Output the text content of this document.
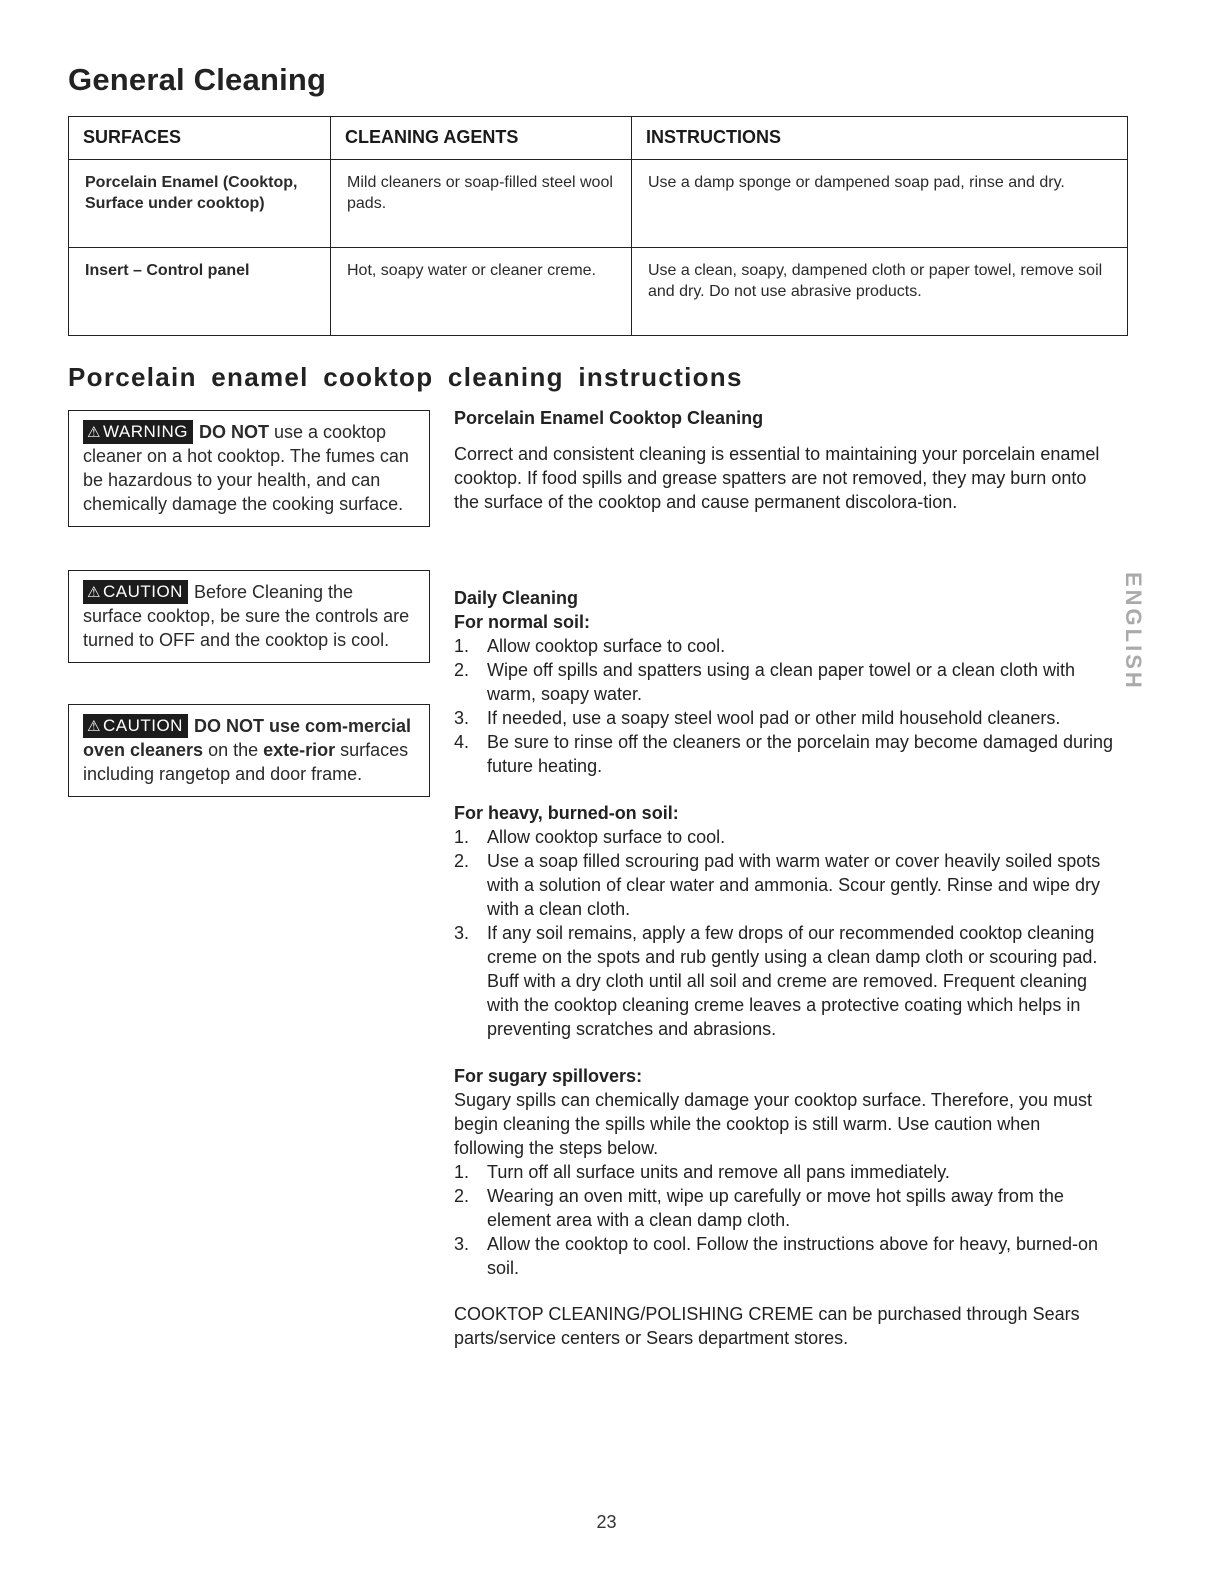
General Cleaning
SURFACES	CLEANING AGENTS	INSTRUCTIONS
Porcelain Enamel (Cooktop, Surface under cooktop)	Mild cleaners or soap-filled steel wool pads.	Use a damp sponge or dampened soap pad, rinse and dry.
Insert – Control panel	Hot, soapy water or cleaner creme.	Use a clean, soapy, dampened cloth or paper towel, remove soil and dry. Do not use abrasive products.
Porcelain enamel cooktop cleaning instructions
⚠ WARNING DO NOT use a cooktop cleaner on a hot cooktop. The fumes can be hazardous to your health, and can chemically damage the cooking surface.
⚠ CAUTION Before Cleaning the surface cooktop, be sure the controls are turned to OFF and the cooktop is cool.
⚠ CAUTION DO NOT use com-mercial oven cleaners on the exte-rior surfaces including rangetop and door frame.

Porcelain Enamel Cooktop Cleaning

Correct and consistent cleaning is essential to maintaining your porcelain enamel cooktop. If food spills and grease spatters are not removed, they may burn onto the surface of the cooktop and cause permanent discolora-tion.

Daily Cleaning

For normal soil:

1. Allow cooktop surface to cool.
2. Wipe off spills and spatters using a clean paper towel or a clean cloth with warm, soapy water.
3. If needed, use a soapy steel wool pad or other mild household cleaners.
4. Be sure to rinse off the cleaners or the porcelain may become damaged during future heating.

For heavy, burned-on soil:

1. Allow cooktop surface to cool.
2. Use a soap filled scrouring pad with warm water or cover heavily soiled spots with a solution of clear water and ammonia. Scour gently. Rinse and wipe dry with a clean cloth.
3. If any soil remains, apply a few drops of our recommended cooktop cleaning creme on the spots and rub gently using a clean damp cloth or scouring pad. Buff with a dry cloth until all soil and creme are removed. Frequent cleaning with the cooktop cleaning creme leaves a protective coating which helps in preventing scratches and abrasions.

For sugary spillovers:

Sugary spills can chemically damage your cooktop surface. Therefore, you must begin cleaning the spills while the cooktop is still warm. Use caution when following the steps below.

1. Turn off all surface units and remove all pans immediately.
2. Wearing an oven mitt, wipe up carefully or move hot spills away from the element area with a clean damp cloth.
3. Allow the cooktop to cool. Follow the instructions above for heavy, burned-on soil.

COOKTOP CLEANING/POLISHING CREME can be purchased through Sears parts/service centers or Sears department stores.

ENGLISH
23
